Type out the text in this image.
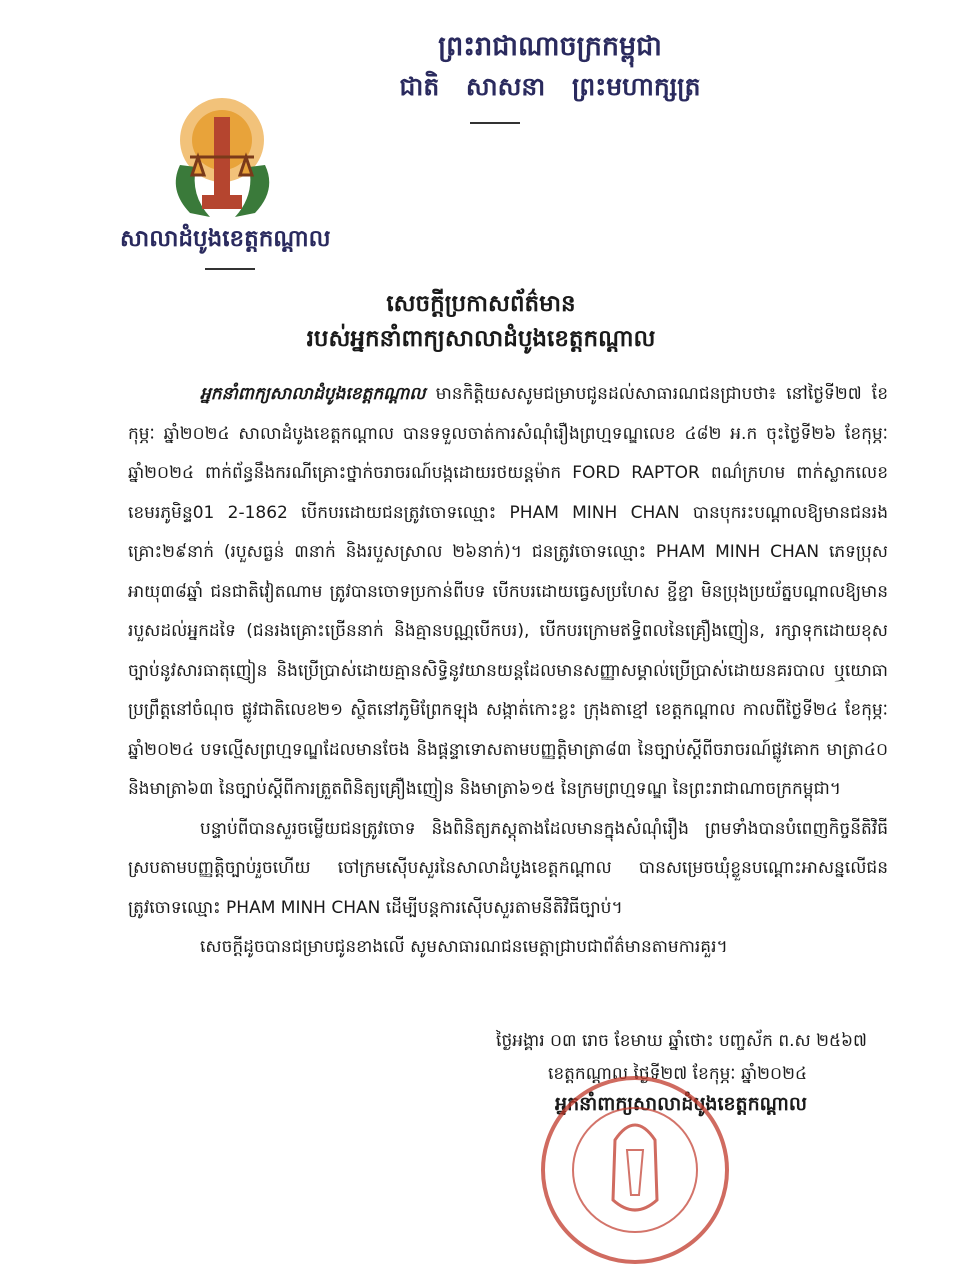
ព្រះរាជាណាចក្រកម្ពុជា
ជាតិ សាសនា ព្រះមហាក្សត្រ
សាលាដំបូងខេត្តកណ្ដាល
សេចក្ដីប្រកាសព័ត៌មាន
របស់អ្នកនាំពាក្យសាលាដំបូងខេត្តកណ្ដាល

អ្នកនាំពាក្យសាលាដំបូងខេត្តកណ្ដាល មានកិត្តិយសសូមជម្រាបជូនដល់សាធារណជនជ្រាបថា៖ នៅថ្ងៃទី២៧ ខែកុម្ភៈ ឆ្នាំ២០២៤ សាលាដំបូងខេត្តកណ្ដាល បានទទួលចាត់ការសំណុំរឿងព្រហ្មទណ្ឌលេខ ៤៨២ អ.ក ចុះថ្ងៃទី២៦ ខែកុម្ភៈ ឆ្នាំ២០២៤ ពាក់ព័ន្ធនឹងករណីគ្រោះថ្នាក់ចរាចរណ៍បង្កដោយរថយន្តម៉ាក FORD RAPTOR ពណ៌ក្រហម ពាក់ស្លាកលេខ ខេមរភូមិន្ទ01 2-1862 បើកបរដោយជនត្រូវចោទឈ្មោះ PHAM MINH CHAN បានបុករះបណ្ដាលឱ្យមានជនរងគ្រោះ២៩នាក់ (របួសធ្ងន់ ៣នាក់ និងរបួសស្រាល ២៦នាក់)។ ជនត្រូវចោទឈ្មោះ PHAM MINH CHAN ភេទប្រុស អាយុ៣៨ឆ្នាំ ជនជាតិវៀតណាម ត្រូវបានចោទប្រកាន់ពីបទ បើកបរដោយធ្វេសប្រហែស ខ្ជីខ្ជា មិនប្រុងប្រយ័ត្នបណ្ដាលឱ្យមានរបួសដល់អ្នកដទៃ (ជនរងគ្រោះច្រើននាក់ និងគ្មានបណ្ណបើកបរ), បើកបរក្រោមឥទ្ធិពលនៃគ្រឿងញៀន, រក្សាទុកដោយខុសច្បាប់នូវសារធាតុញៀន និងប្រើប្រាស់ដោយគ្មានសិទ្ធិនូវយានយន្តដែលមានសញ្ញាសម្គាល់ប្រើប្រាស់ដោយនគរបាល ឬយោធា ប្រព្រឹត្តនៅចំណុច ផ្លូវជាតិលេខ២១ ស្ថិតនៅភូមិព្រែកឡុង សង្កាត់កោះខ្លះ ក្រុងតាខ្មៅ ខេត្តកណ្ដាល កាលពីថ្ងៃទី២៤ ខែកុម្ភៈ ឆ្នាំ២០២៤ បទល្មើសព្រហ្មទណ្ឌដែលមានចែង និងផ្ដន្ទាទោសតាមបញ្ញត្តិមាត្រា៨៣ នៃច្បាប់ស្ដីពីចរាចរណ៍ផ្លូវគោក មាត្រា៤០ និងមាត្រា៦៣ នៃច្បាប់ស្ដីពីការត្រួតពិនិត្យគ្រឿងញៀន និងមាត្រា៦១៥ នៃក្រមព្រហ្មទណ្ឌ នៃព្រះរាជាណាចក្រកម្ពុជា។

បន្ទាប់ពីបានសួរចម្លើយជនត្រូវចោទ និងពិនិត្យភស្តុតាងដែលមានក្នុងសំណុំរឿង ព្រមទាំងបានបំពេញកិច្ចនីតិវិធីស្របតាមបញ្ញត្តិច្បាប់រួចហើយ ចៅក្រមស៊ើបសួរនៃសាលាដំបូងខេត្តកណ្ដាល បានសម្រេចឃុំខ្លួនបណ្ដោះអាសន្នលើជនត្រូវចោទឈ្មោះ PHAM MINH CHAN ដើម្បីបន្តការស៊ើបសួរតាមនីតិវិធីច្បាប់។

សេចក្ដីដូចបានជម្រាបជូនខាងលើ សូមសាធារណជនមេត្តាជ្រាបជាព័ត៌មានតាមការគួរ។

ថ្ងៃអង្គារ ០៣ រោច ខែមាឃ ឆ្នាំថោះ បញ្ចស័ក ព.ស ២៥៦៧
ខេត្តកណ្ដាល ថ្ងៃទី២៧ ខែកុម្ភៈ ឆ្នាំ២០២៤
អ្នកនាំពាក្យសាលាដំបូងខេត្តកណ្ដាល
